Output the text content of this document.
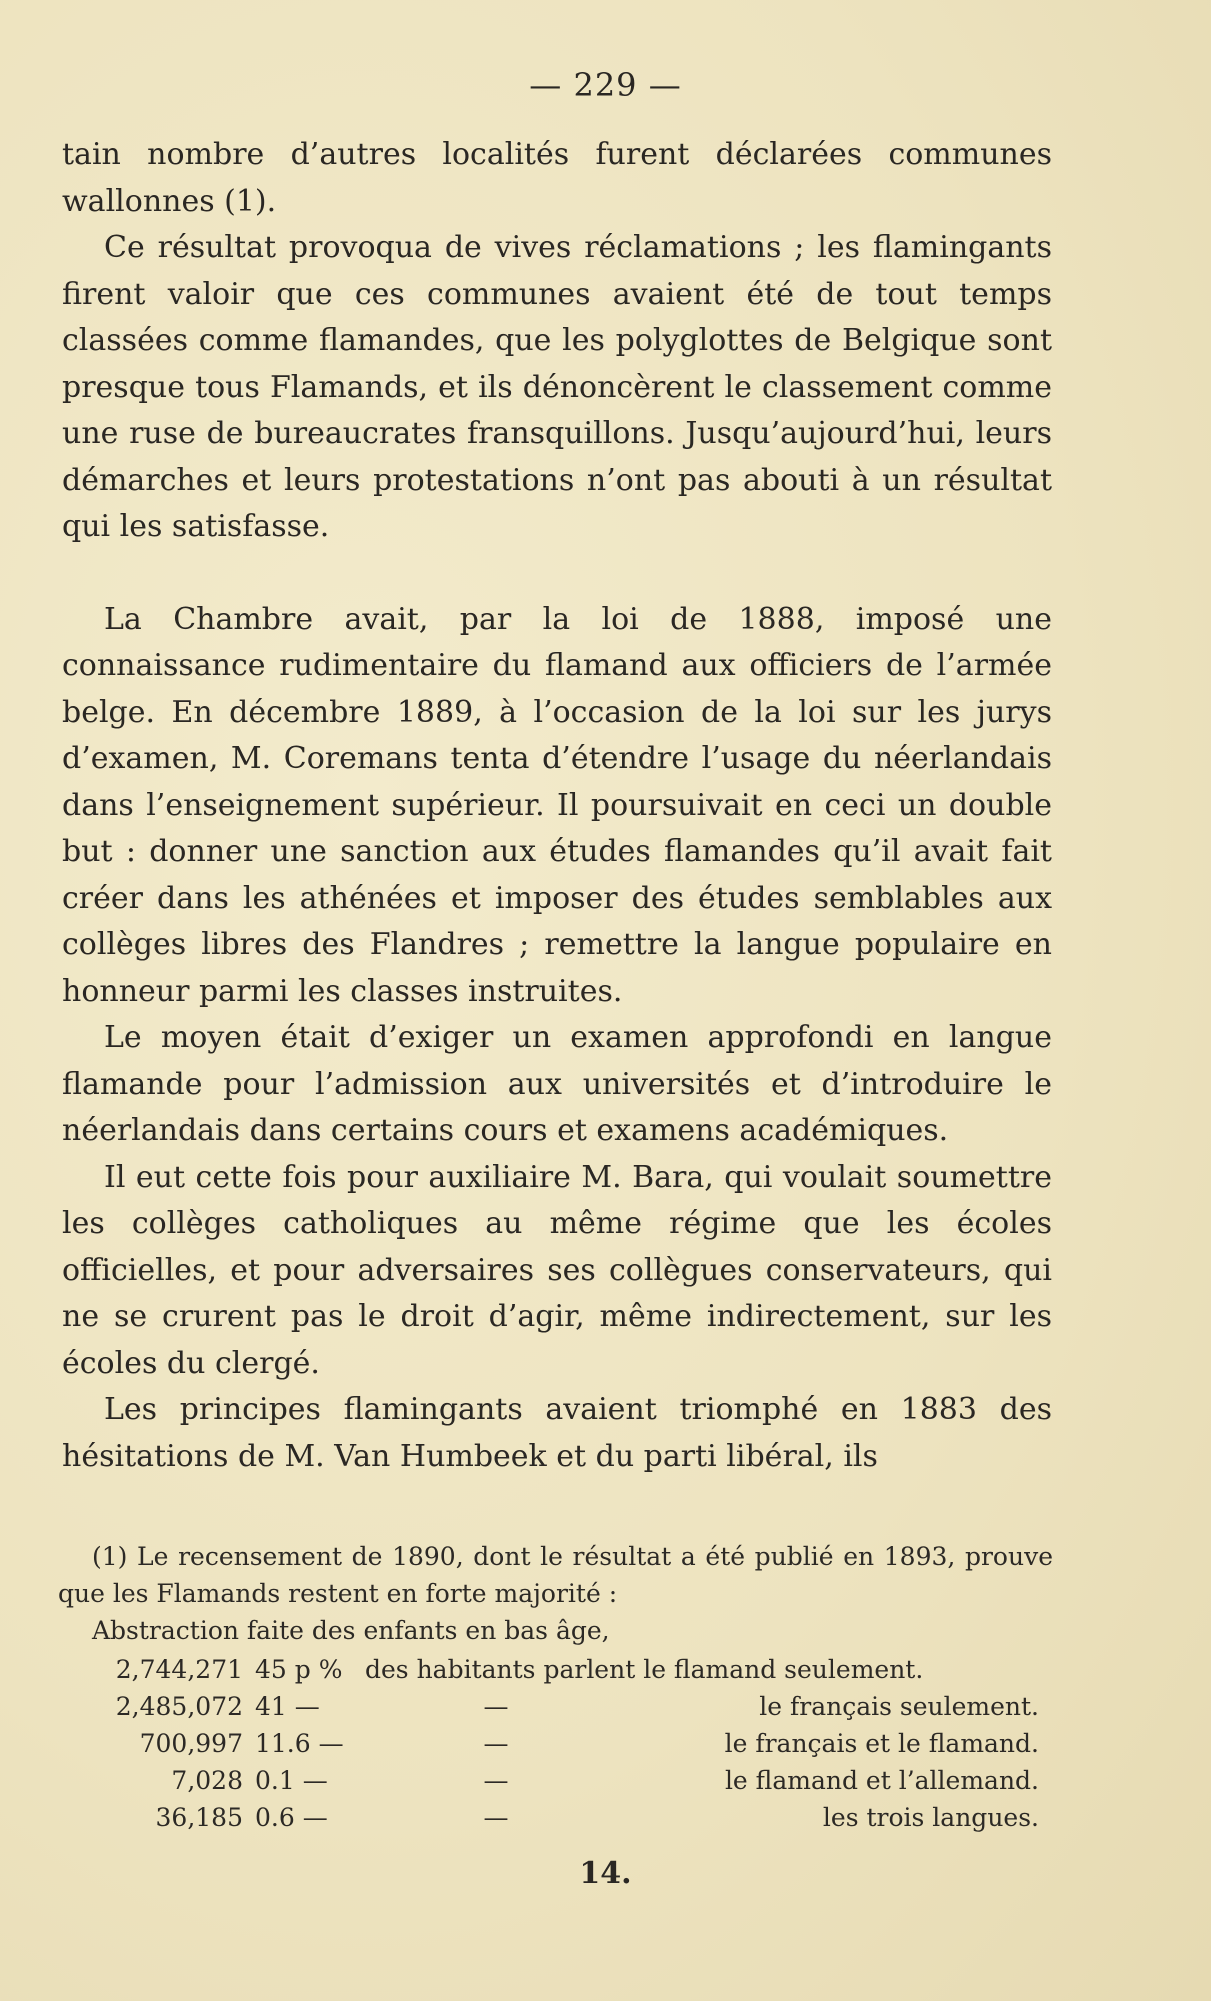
— 229 —

tain nombre d’autres localités furent déclarées communes wallonnes (1).

Ce résultat provoqua de vives réclamations ; les flamingants firent valoir que ces communes avaient été de tout temps classées comme flamandes, que les polyglottes de Belgique sont presque tous Flamands, et ils dénoncèrent le classement comme une ruse de bureaucrates fransquillons. Jusqu’aujourd’hui, leurs démarches et leurs protestations n’ont pas abouti à un résultat qui les satisfasse.

La Chambre avait, par la loi de 1888, imposé une connaissance rudimentaire du flamand aux officiers de l’armée belge. En décembre 1889, à l’occasion de la loi sur les jurys d’examen, M. Coremans tenta d’étendre l’usage du néerlandais dans l’enseignement supérieur. Il poursuivait en ceci un double but : donner une sanction aux études flamandes qu’il avait fait créer dans les athénées et imposer des études semblables aux collèges libres des Flandres ; remettre la langue populaire en honneur parmi les classes instruites.

Le moyen était d’exiger un examen approfondi en langue flamande pour l’admission aux universités et d’introduire le néerlandais dans certains cours et examens académiques.

Il eut cette fois pour auxiliaire M. Bara, qui voulait soumettre les collèges catholiques au même régime que les écoles officielles, et pour adversaires ses collègues conservateurs, qui ne se crurent pas le droit d’agir, même indirectement, sur les écoles du clergé.

Les principes flamingants avaient triomphé en 1883 des hésitations de M. Van Humbeek et du parti libéral, ils

(1) Le recensement de 1890, dont le résultat a été publié en 1893, prouve que les Flamands restent en forte majorité :

Abstraction faite des enfants en bas âge,

2,744,271 45 p % des habitants parlent le flamand seulement.
2,485,072 41 —	—	le français seulement.
700,997 11.6 —	—	le français et le flamand.
7,028 0.1 —	—	le flamand et l’allemand.
36,185 0.6 —	—	les trois langues.
14.
